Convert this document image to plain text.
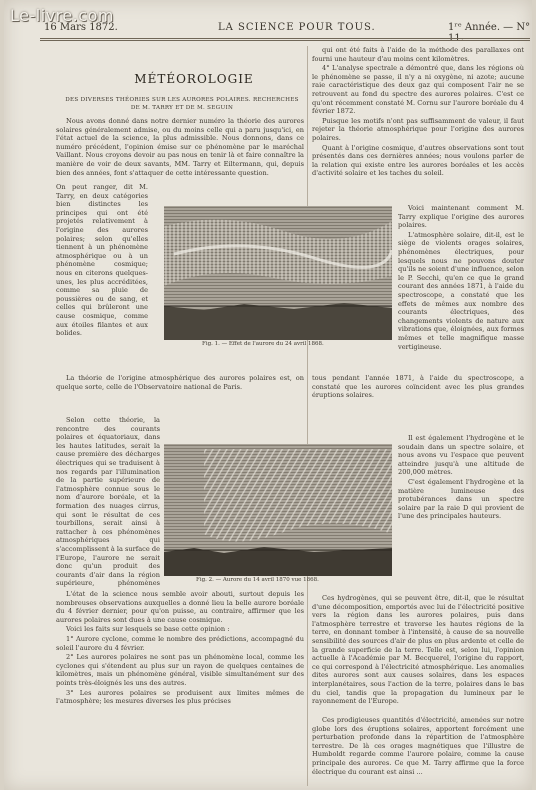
Le-livre.com
16 Mars 1872.	LA SCIENCE POUR TOUS.	1ʳᵉ Année. — N°
MÉTÉOROLOGIE
DES DIVERSES THÉORIES SUR LES AURORES POLAIRES. RECHERCHES
DE M. TARRY ET DE M. SEGUIN

Nous avons donné dans notre dernier numéro la théorie des aurores solaires généralement admise, ou du moins celle qui a paru jusqu'ici, en l'état actuel de la science, la plus admissible. Nous donnons, dans ce numéro précédent, l'opinion émise sur ce phénomène par le maréchal Vaillant. Nous croyons devoir au pas nous en tenir là et faire connaître la manière de voir de deux savants, MM. Tarry et Eiltermann, qui, depuis bien des années, font s'attaquer de cette intéressante question.

On peut ranger, dit M. Tarry, en deux catégories bien distinctes les principes qui ont été projetés relativement à l'origine des aurores polaires; selon qu'elles tiennent à un phénomène atmosphérique ou à un phénomène cosmique; nous en citerons quelques-unes, les plus accréditées, comme sa pluie de poussières ou de sang, et celles qui brûleront une cause cosmique, comme aux étoiles filantes et aux bolides.

qui ont été faits à l'aide de la méthode des parallaxes ont fourni une hauteur d'au moins cent kilomètres.

4° L'analyse spectrale a démontré que, dans les régions où le phénomène se passe, il n'y a ni oxygène, ni azote; aucune raie caractéristique des deux gaz qui composent l'air ne se retrouvent au fond du spectre des aurores polaires. C'est ce qu'ont récemment constaté M. Cornu sur l'aurore boréale du 4 février 1872.

Puisque les motifs n'ont pas suffisamment de valeur, il faut rejeter la théorie atmosphérique pour l'origine des aurores polaires.

Quant à l'origine cosmique, d'autres observations sont tout présentés dans ces dernières années; nous voulons parler de la relation qui existe entre les aurores boréales et les accès d'activité solaire et les taches du soleil.

Voici maintenant comment M. Tarry explique l'origine des aurores polaires.

L'atmosphère solaire, dit-il, est le siège de violents orages solaires, phénomènes électriques, pour lesquels nous ne pouvons douter qu'ils ne soient d'une influence, selon le P. Secchi, qu'en ce que le grand courant des années 1871, à l'aide du spectroscope, a constaté que les effets de mêmes aux nombre des courants électriques, des changements violents de nature aux vibrations que, éloignées, aux formes mêmes et telle magnifique masse vertigineuse.

Fig. 1. — Effet de l'aurore du 24 avril 1868.

La théorie de l'origine atmosphérique des aurores polaires est, on quelque sorte, celle de l'Observatoire national de Paris.

Selon cette théorie, la rencontre des courants polaires et équatoriaux, dans les hautes latitudes, serait la cause première des décharges électriques qui se traduisent à nos regards par l'illumination de la partie supérieure de l'atmosphère connue sous le nom d'aurore boréale, et la formation des nuages cirrus, qui sont le résultat de ces tourbillons, serait ainsi à rattacher à ces phénomènes atmosphériques qui s'accomplissent à la surface de l'Europe, l'aurore ne serait donc qu'un produit des courants d'air dans la région supérieure, phénomènes

tous pendant l'année 1871, à l'aide du spectroscope, a constaté que les aurores coïncident avec les plus grandes éruptions solaires.

Il est également l'hydrogène et le soudain dans un spectre solaire, et nous avons vu l'espace que peuvent atteindre jusqu'à une altitude de 200,000 mètres.

C'est également l'hydrogène et la matière lumineuse des protubérances dans un spectre solaire par la raie D qui provient de l'une des principales hauteurs.

Fig. 2. — Aurore du 14 avril 1870 vue 1868.

L'état de la science nous semble avoir abouti, surtout depuis les nombreuses observations auxquelles a donné lieu la belle aurore boréale du 4 février dernier, pour qu'on puisse, au contraire, affirmer que les aurores polaires sont dues à une cause cosmique.

Voici les faits sur lesquels se base cette opinion :

1° Aurore cyclone, comme le nombre des prédictions, accompagné du soleil l'aurore du 4 février.

2° Les aurores polaires ne sont pas un phénomène local, comme les cyclones qui s'étendent au plus sur un rayon de quelques centaines de kilomètres, mais un phénomène général, visible simultanément sur des points très-éloignés les uns des autres.

3° Les aurores polaires se produisent aux limites mêmes de l'atmosphère; les mesures diverses les plus précises

Ces hydrogènes, qui se peuvent être, dit-il, que le résultat d'une décomposition, emportés avec lui de l'électricité positive vers la région dans les aurores polaires, puis dans l'atmosphère terrestre et traverse les hautes régions de la terre, en donnant tomber à l'intensité, à cause de sa nouvelle sensibilité des sources d'air de plus en plus ardente et celle de la grande superficie de la terre. Telle est, selon lui, l'opinion actuelle à l'Académie par M. Becquerel, l'origine du rapport, ce qui correspond à l'électricité atmosphérique. Les anomalies dites aurores sont aux causes solaires, dans les espaces interplanétaires, sous l'action de la terre, polaires dans le bas du ciel, tandis que la propagation du lumineux par le rayonnement de l'Europe.

Ces prodigieuses quantités d'électricité, amenées sur notre globe lors des éruptions solaires, apportent forcément une perturbation profonde dans la répartition de l'atmosphère terrestre. De là ces orages magnétiques que l'illustre de Humboldt regarde comme l'aurore polaire, comme la cause principale des aurores. Ce que M. Tarry affirme que la force électrique du courant est ainsi ...
